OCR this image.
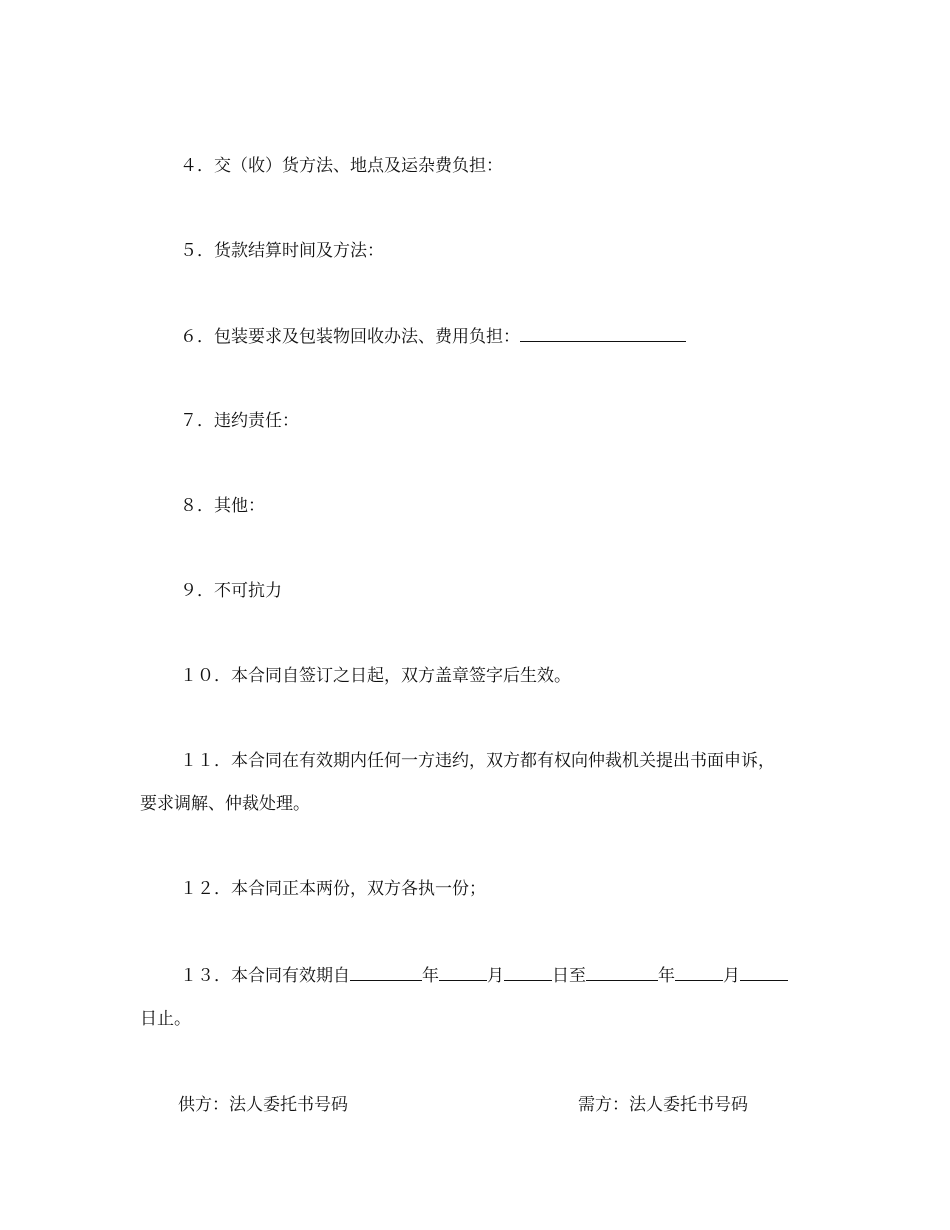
４．交（收）货方法、地点及运杂费负担：
５．货款结算时间及方法：
６．包装要求及包装物回收办法、费用负担：
７．违约责任：
８．其他：
９．不可抗力
１０．本合同自签订之日起，双方盖章签字后生效。
１１．本合同在有效期内任何一方违约，双方都有权向仲裁机关提出书面申诉，
要求调解、仲裁处理。
１２．本合同正本两份，双方各执一份；
１３．本合同有效期自	年	月	日至	年	月
日止。
供方：法人委托书号码	需方：法人委托书号码
